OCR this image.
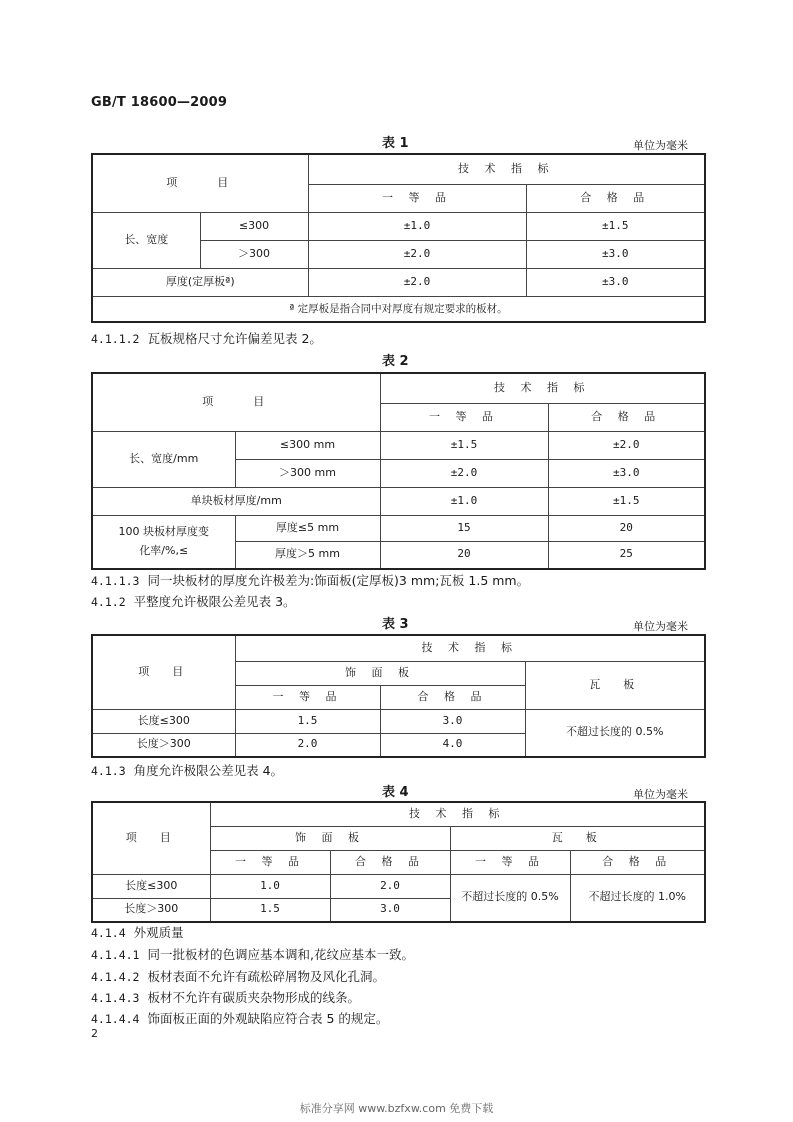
GB/T 18600—2009
表 1	单位为毫米
项　　目		技 术 指 标	
		一 等 品	合 格 品
长、宽度	≤300	±1.0	±1.5
	＞300	±2.0	±3.0
厚度(定厚板ª)		±2.0	±3.0
ª 定厚板是指合同中对厚度有规定要求的板材。			
4.1.1.2 瓦板规格尺寸允许偏差见表 2。
表 2
项　　目		技 术 指 标	
		一 等 品	合 格 品
长、宽度/mm	≤300 mm	±1.5	±2.0
	＞300 mm	±2.0	±3.0
单块板材厚度/mm		±1.0	±1.5

100 块板材厚度变
化率/%,≤	厚度≤5 mm	15	20
	厚度＞5 mm	20	25
4.1.1.3 同一块板材的厚度允许极差为:饰面板(定厚板)3 mm;瓦板 1.5 mm。
4.1.2 平整度允许极限公差见表 3。
表 3	单位为毫米
项　目	技 术 指 标		
	饰 面 板		瓦　板
	一 等 品	合 格 品	
长度≤300	1.5	3.0	不超过长度的 0.5%
长度＞300	2.0	4.0	
4.1.3 角度允许极限公差见表 4。
表 4	单位为毫米
项　目	技 术 指 标			
	饰 面 板		瓦　板	
	一 等 品	合 格 品	一 等 品	合 格 品
长度≤300	1.0	2.0	不超过长度的 0.5%	不超过长度的 1.0%
长度＞300	1.5	3.0		
4.1.4 外观质量
4.1.4.1 同一批板材的色调应基本调和,花纹应基本一致。
4.1.4.2 板材表面不允许有疏松碎屑物及风化孔洞。
4.1.4.3 板材不允许有碳质夹杂物形成的线条。
4.1.4.4 饰面板正面的外观缺陷应符合表 5 的规定。
2
标准分享网 www.bzfxw.com 免费下载
